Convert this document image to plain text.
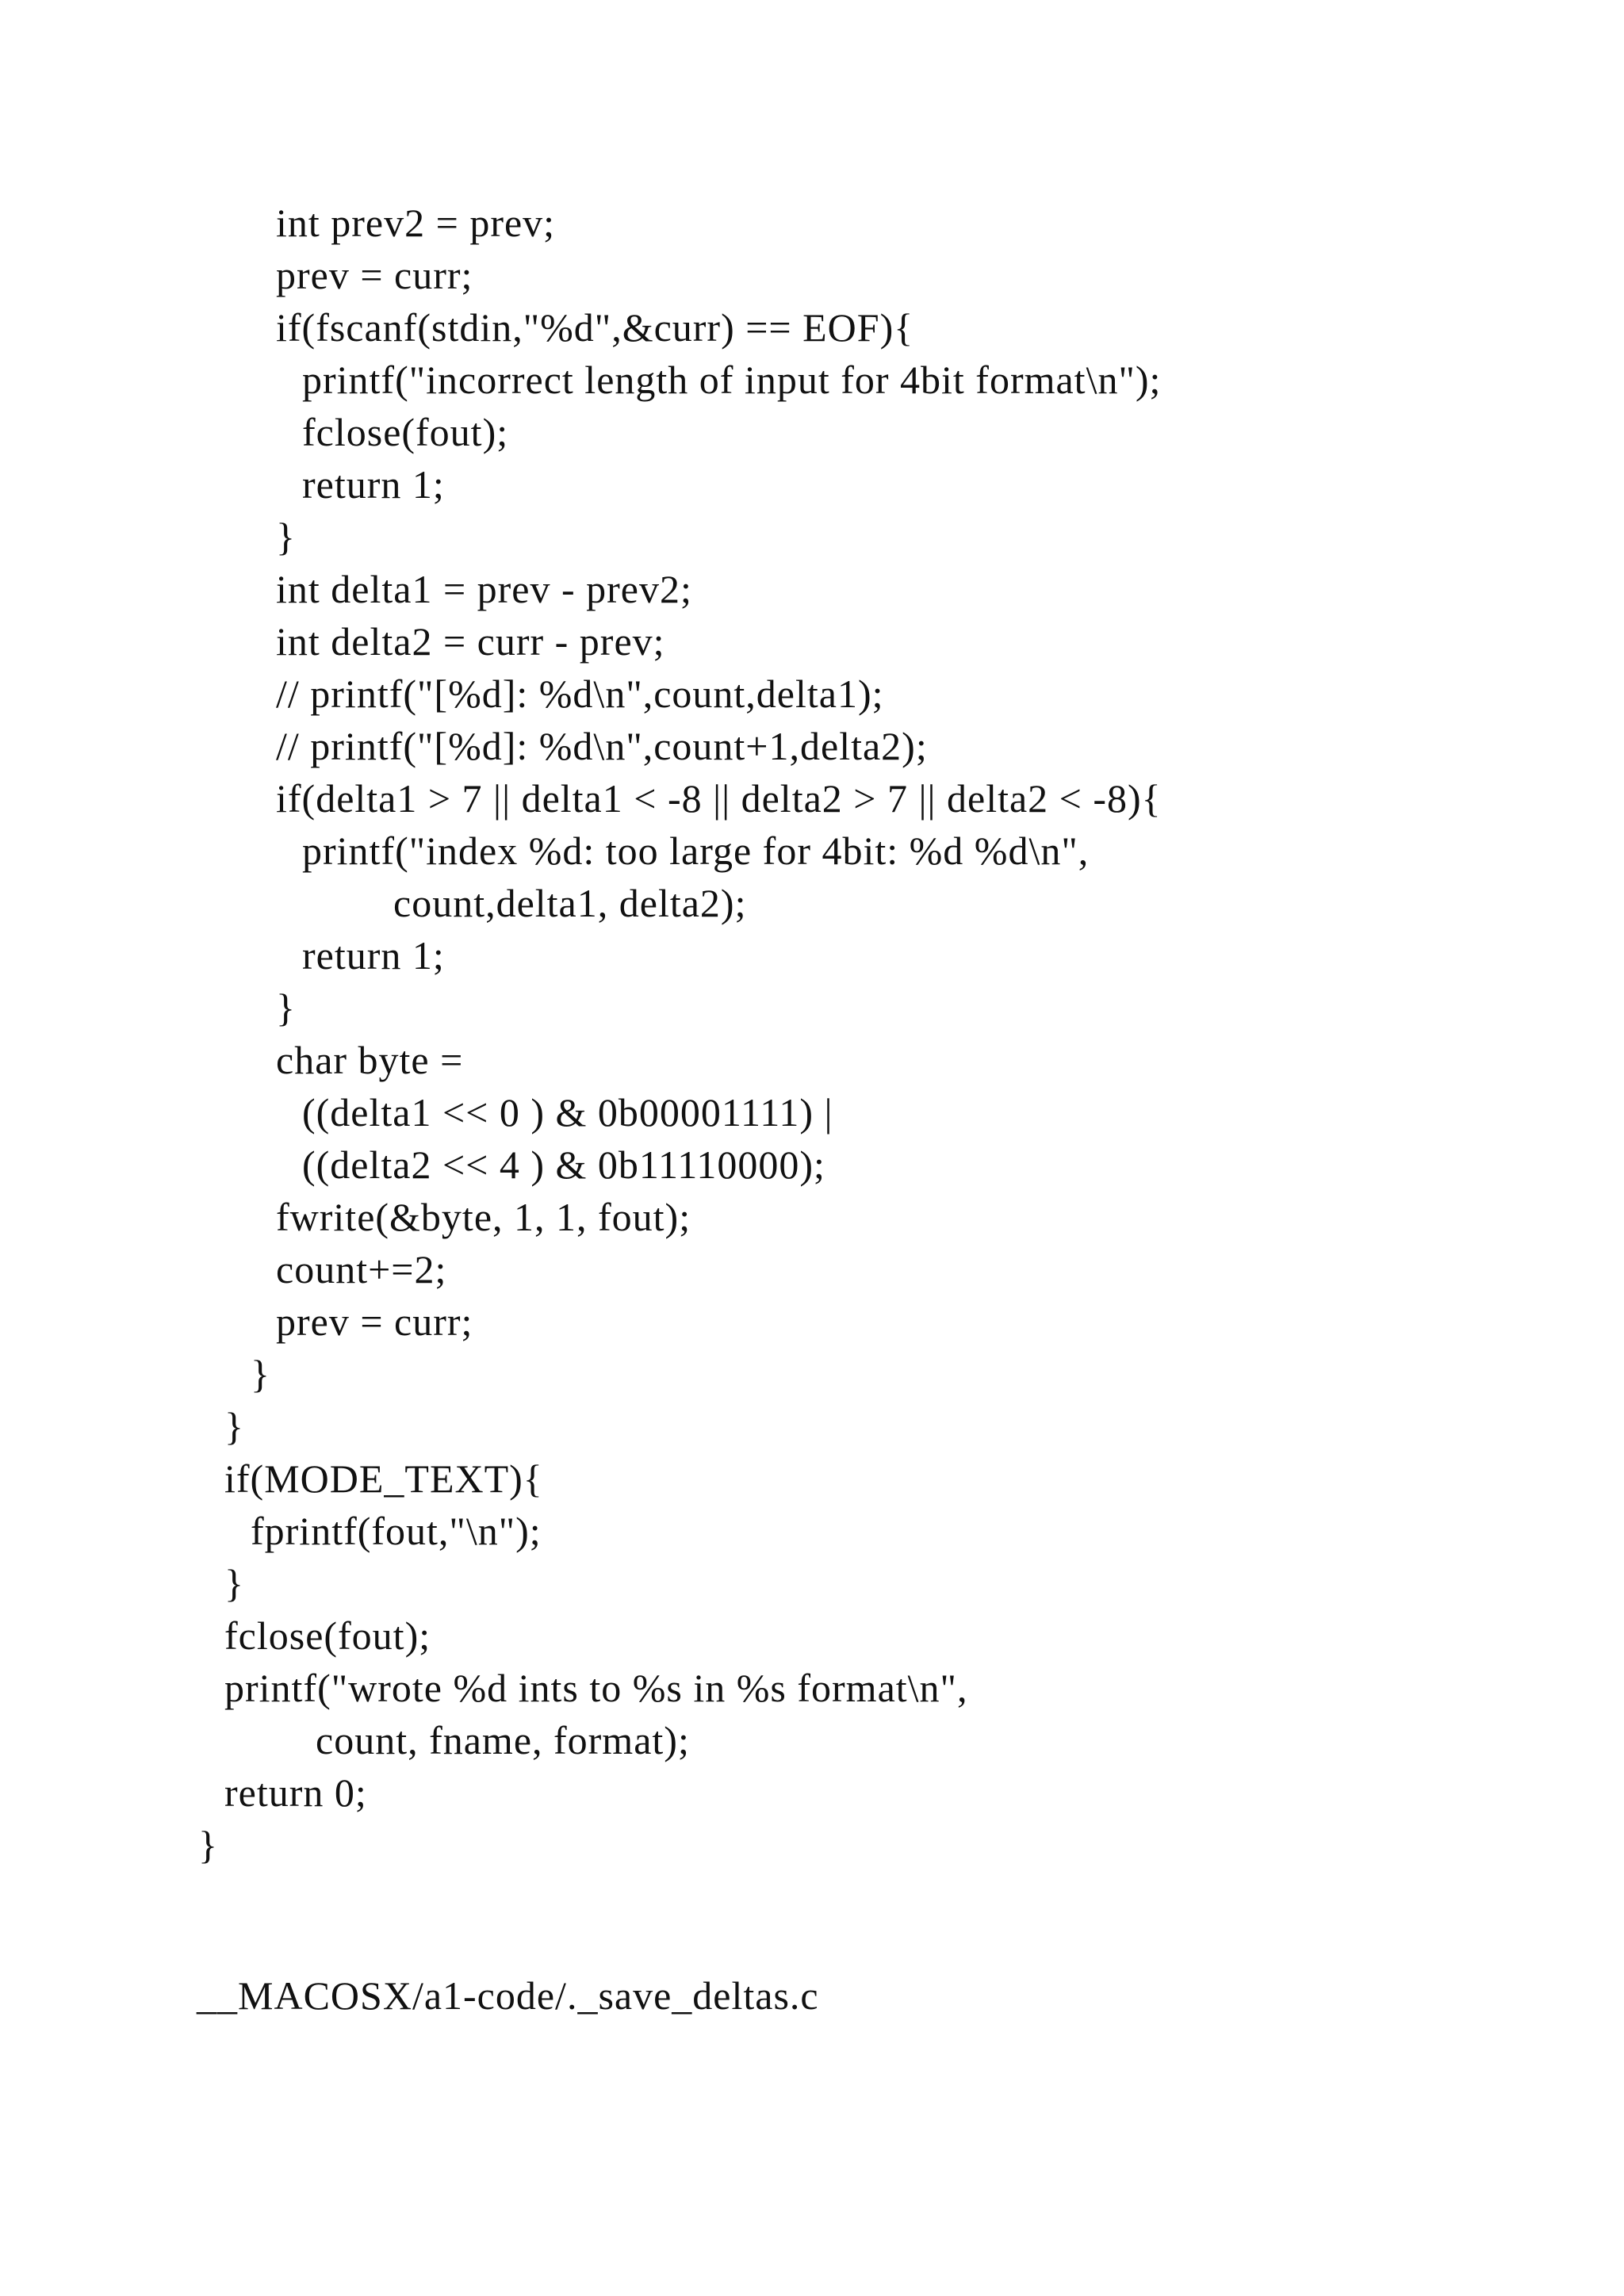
int prev2 = prev;
prev = curr;
if(fscanf(stdin,"%d",&curr) == EOF){
printf("incorrect length of input for 4bit format\n");
fclose(fout);
return 1;
}
int delta1 = prev - prev2;
int delta2 = curr - prev;
// printf("[%d]: %d\n",count,delta1);
// printf("[%d]: %d\n",count+1,delta2);
if(delta1 > 7 || delta1 < -8 || delta2 > 7 || delta2 < -8){
printf("index %d: too large for 4bit: %d %d\n",
count,delta1, delta2);
return 1;
}
char byte =
((delta1 << 0 ) & 0b00001111) |
((delta2 << 4 ) & 0b11110000);
fwrite(&byte, 1, 1, fout);
count+=2;
prev = curr;
}
}
if(MODE_TEXT){
fprintf(fout,"\n");
}
fclose(fout);
printf("wrote %d ints to %s in %s format\n",
count, fname, format);
return 0;
}
__MACOSX/a1-code/._save_deltas.c
